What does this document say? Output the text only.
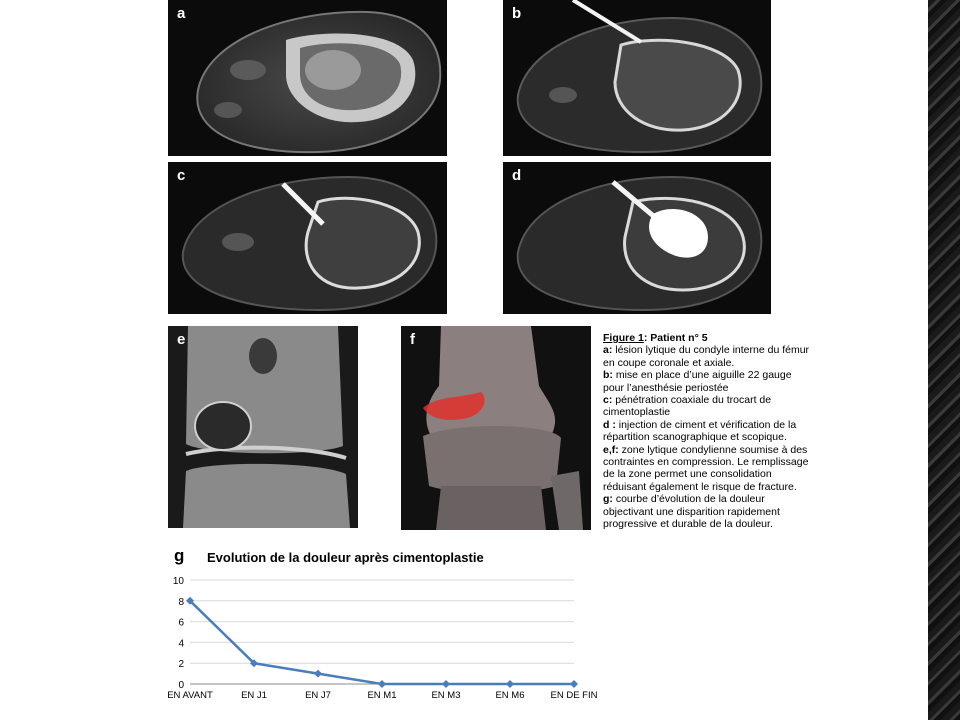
a	b
c	d
e	f	Figure 1: Patient n° 5

a: lésion lytique du condyle interne du fémur en coupe coronale et axiale.

b: mise en place d’une aiguille 22 gauge pour l’anesthésie periostée

c: pénétration coaxiale du trocart de cimentoplastie

d : injection de ciment et vérification de la répartition scanographique et scopique.

e,f: zone lytique condylienne soumise à des contraintes en compression. Le remplissage de la zone permet une consolidation réduisant également le risque de fracture.

g: courbe d’évolution de la douleur objectivant une disparition rapidement progressive et durable de la douleur.

g Evolution de la douleur après cimentoplastie
0
2
4
6
8
10
EN AVANT	EN J1	EN J7	EN M1	EN M3	EN M6	EN DE FIN
